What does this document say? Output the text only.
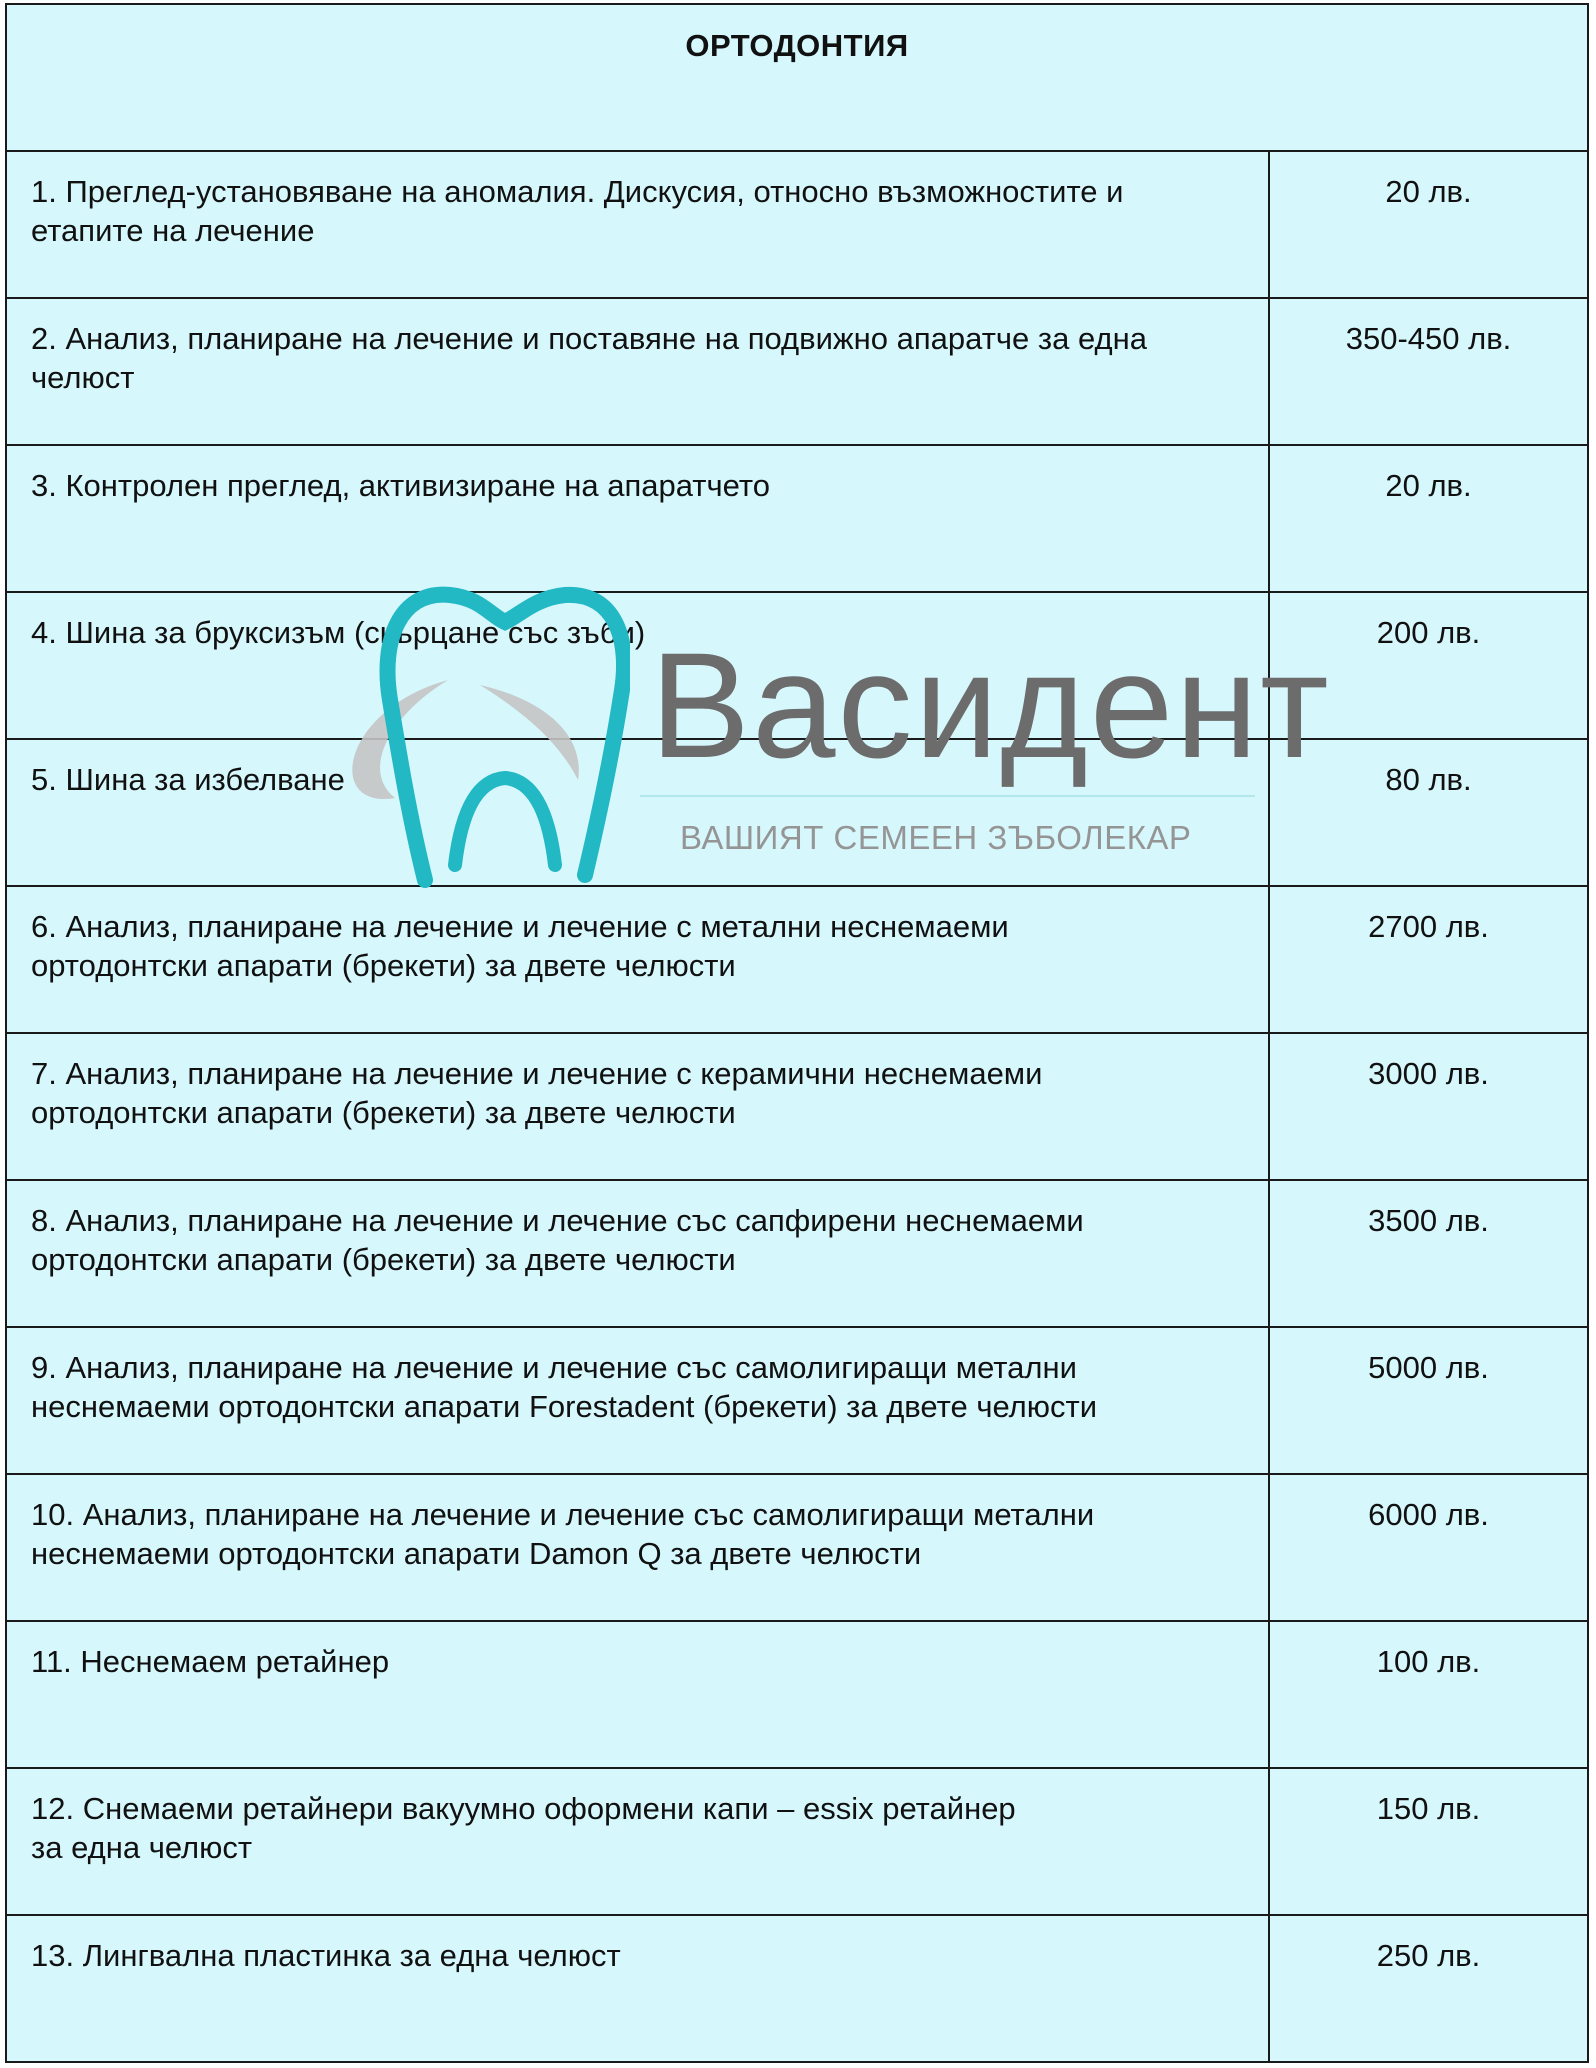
ОРТОДОНТИЯ
1. Преглед-установяване на аномалия. Дискусия, относно възможностите и
етапите на лечение
20 лв.
2. Анализ, планиране на лечение и поставяне на подвижно апаратче за една
челюст
350-450 лв.
3. Контролен преглед, активизиране на апаратчето	20 лв.
4. Шина за бруксизъм (скърцане със зъби)	200 лв.
5. Шина за избелване	80 лв.
6. Анализ, планиране на лечение и лечение с метални неснемаеми
ортодонтски апарати (брекети) за двете челюсти
2700 лв.
7. Анализ, планиране на лечение и лечение с керамични неснемаеми
ортодонтски апарати (брекети) за двете челюсти
3000 лв.
8. Анализ, планиране на лечение и лечение със сапфирени неснемаеми
ортодонтски апарати (брекети) за двете челюсти
3500 лв.
9. Анализ, планиране на лечение и лечение със самолигиращи метални
неснемаеми ортодонтски апарати Forestadent (брекети) за двете челюсти
5000 лв.
10. Анализ, планиране на лечение и лечение със самолигиращи метални
неснемаеми ортодонтски апарати Damon Q за двете челюсти
6000 лв.
11. Неснемаем ретайнер	100 лв.
12. Снемаеми ретайнери вакуумно оформени капи – essix ретайнер
за една челюст
150 лв.
13. Лингвална пластинка за една челюст	250 лв.
Васидент
ВАШИЯТ СЕМЕЕН ЗЪБОЛЕКАР
